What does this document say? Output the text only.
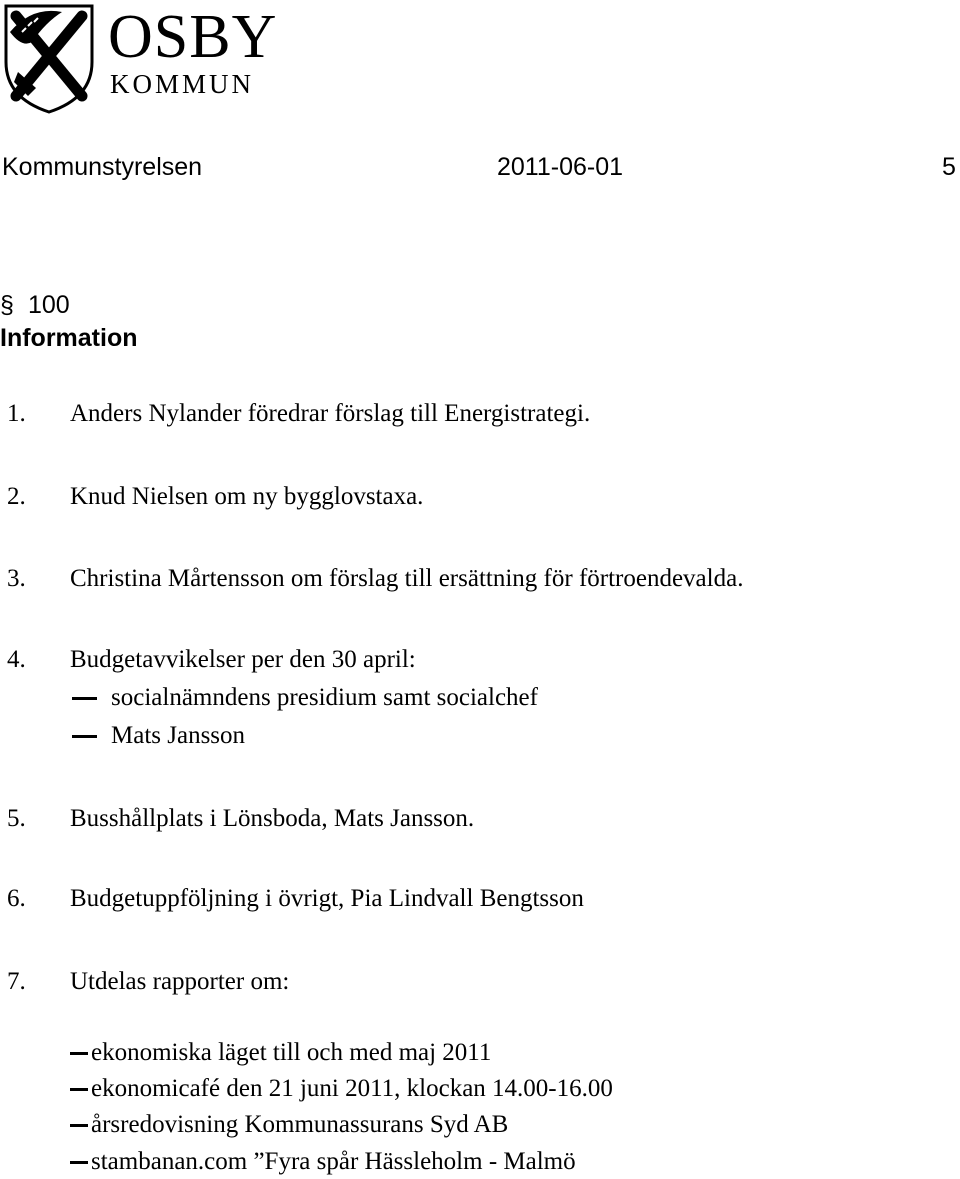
OSBY
KOMMUN
Kommunstyrelsen	2011-06-01	5
§ 100
Information
1. Anders Nylander föredrar förslag till Energistrategi.
2. Knud Nielsen om ny bygglovstaxa.
3. Christina Mårtensson om förslag till ersättning för förtroendevalda.
4. Budgetavvikelser per den 30 april:
socialnämndens presidium samt socialchef
Mats Jansson
5. Busshållplats i Lönsboda, Mats Jansson.
6. Budgetuppföljning i övrigt, Pia Lindvall Bengtsson
7. Utdelas rapporter om:
ekonomiska läget till och med maj 2011
ekonomicafé den 21 juni 2011, klockan 14.00-16.00
årsredovisning Kommunassurans Syd AB
stambanan.com ”Fyra spår Hässleholm - Malmö
